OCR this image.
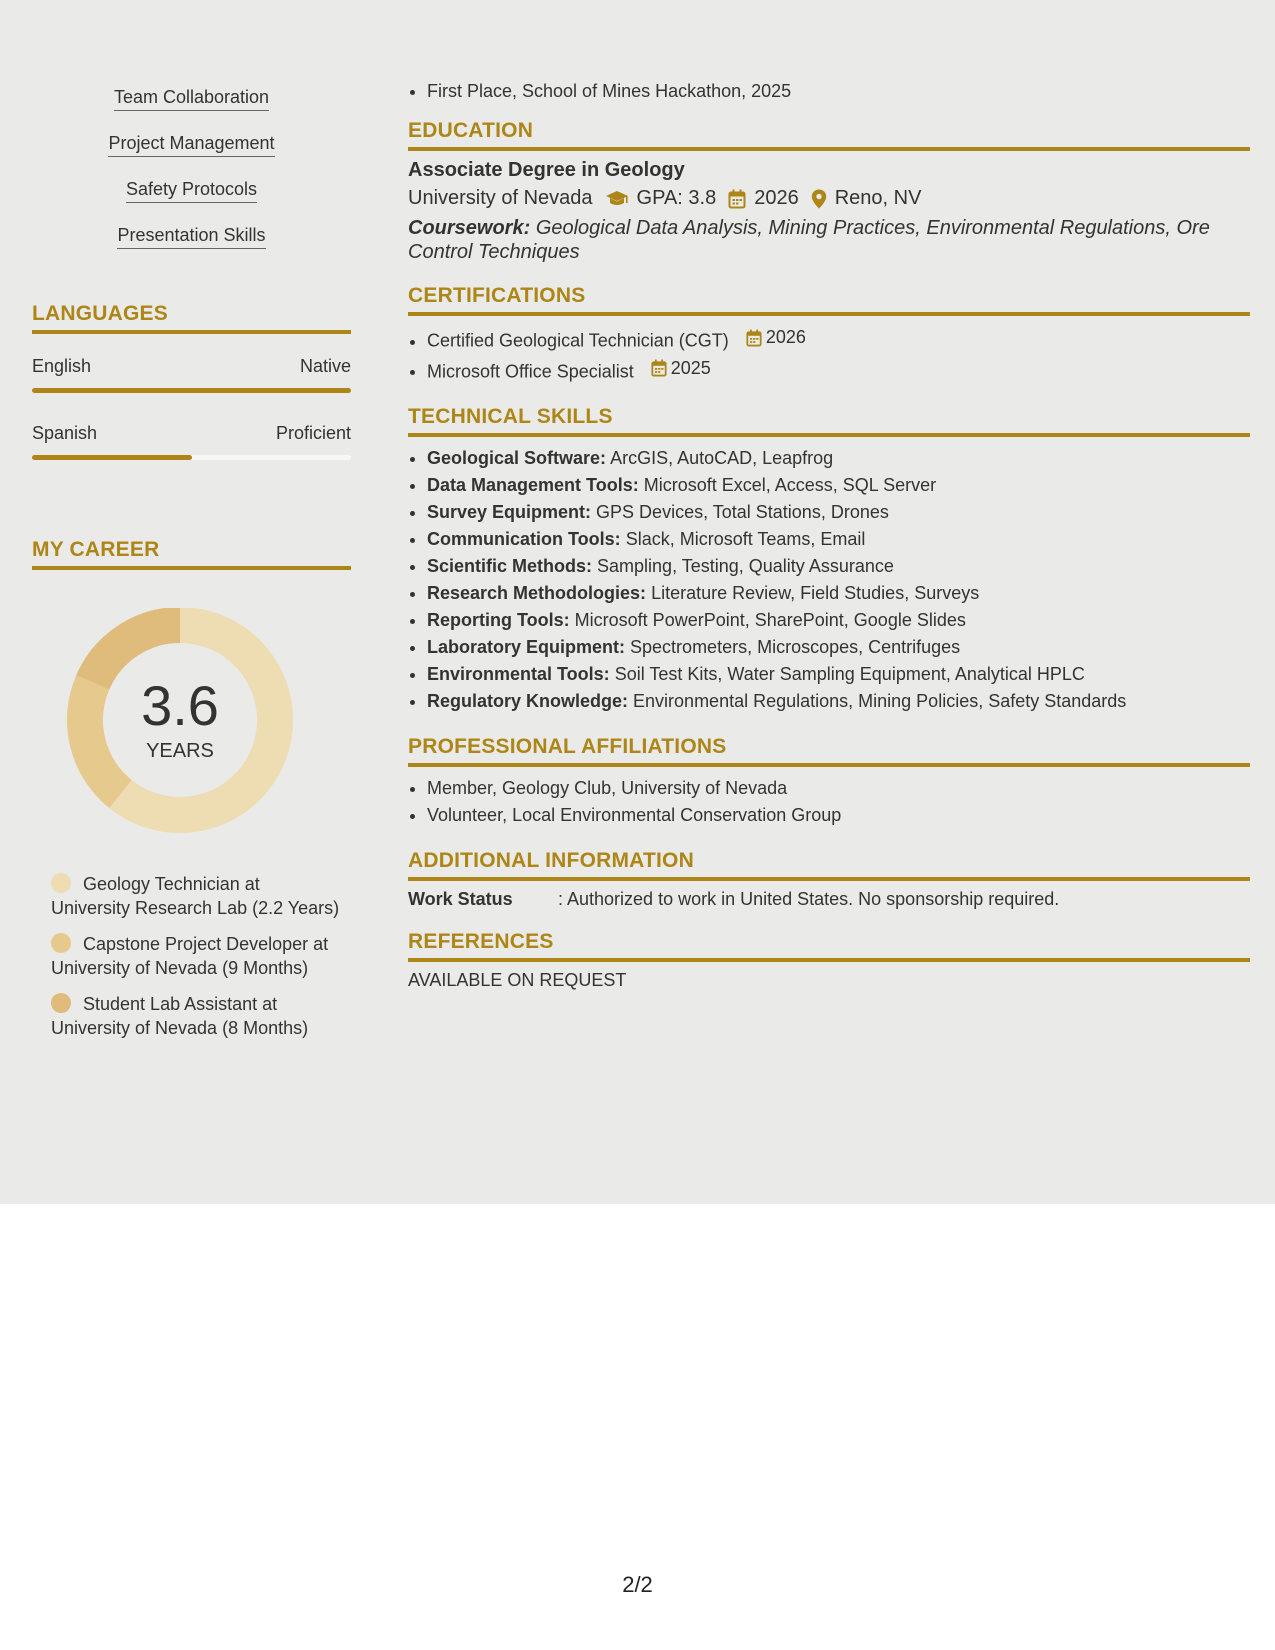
Team Collaboration
Project Management
Safety Protocols
Presentation Skills
LANGUAGES
English	Native
Spanish	Proficient
MY CAREER
3.6
YEARS
Geology Technician at University Research Lab (2.2 Years)
Capstone Project Developer at University of Nevada (9 Months)
Student Lab Assistant at University of Nevada (8 Months)
• First Place, School of Mines Hackathon, 2025
EDUCATION
Associate Degree in Geology
University of Nevada GPA: 3.8 2026 Reno, NV
Coursework: Geological Data Analysis, Mining Practices, Environmental Regulations, Ore Control Techniques
CERTIFICATIONS
• Certified Geological Technician (CGT) 2026
• Microsoft Office Specialist 2025
TECHNICAL SKILLS
• Geological Software: ArcGIS, AutoCAD, Leapfrog
• Data Management Tools: Microsoft Excel, Access, SQL Server
• Survey Equipment: GPS Devices, Total Stations, Drones
• Communication Tools: Slack, Microsoft Teams, Email
• Scientific Methods: Sampling, Testing, Quality Assurance
• Research Methodologies: Literature Review, Field Studies, Surveys
• Reporting Tools: Microsoft PowerPoint, SharePoint, Google Slides
• Laboratory Equipment: Spectrometers, Microscopes, Centrifuges
• Environmental Tools: Soil Test Kits, Water Sampling Equipment, Analytical HPLC
• Regulatory Knowledge: Environmental Regulations, Mining Policies, Safety Standards
PROFESSIONAL AFFILIATIONS
• Member, Geology Club, University of Nevada
• Volunteer, Local Environmental Conservation Group
ADDITIONAL INFORMATION
Work Status	: Authorized to work in United States. No sponsorship required.
REFERENCES
AVAILABLE ON REQUEST
2/2
